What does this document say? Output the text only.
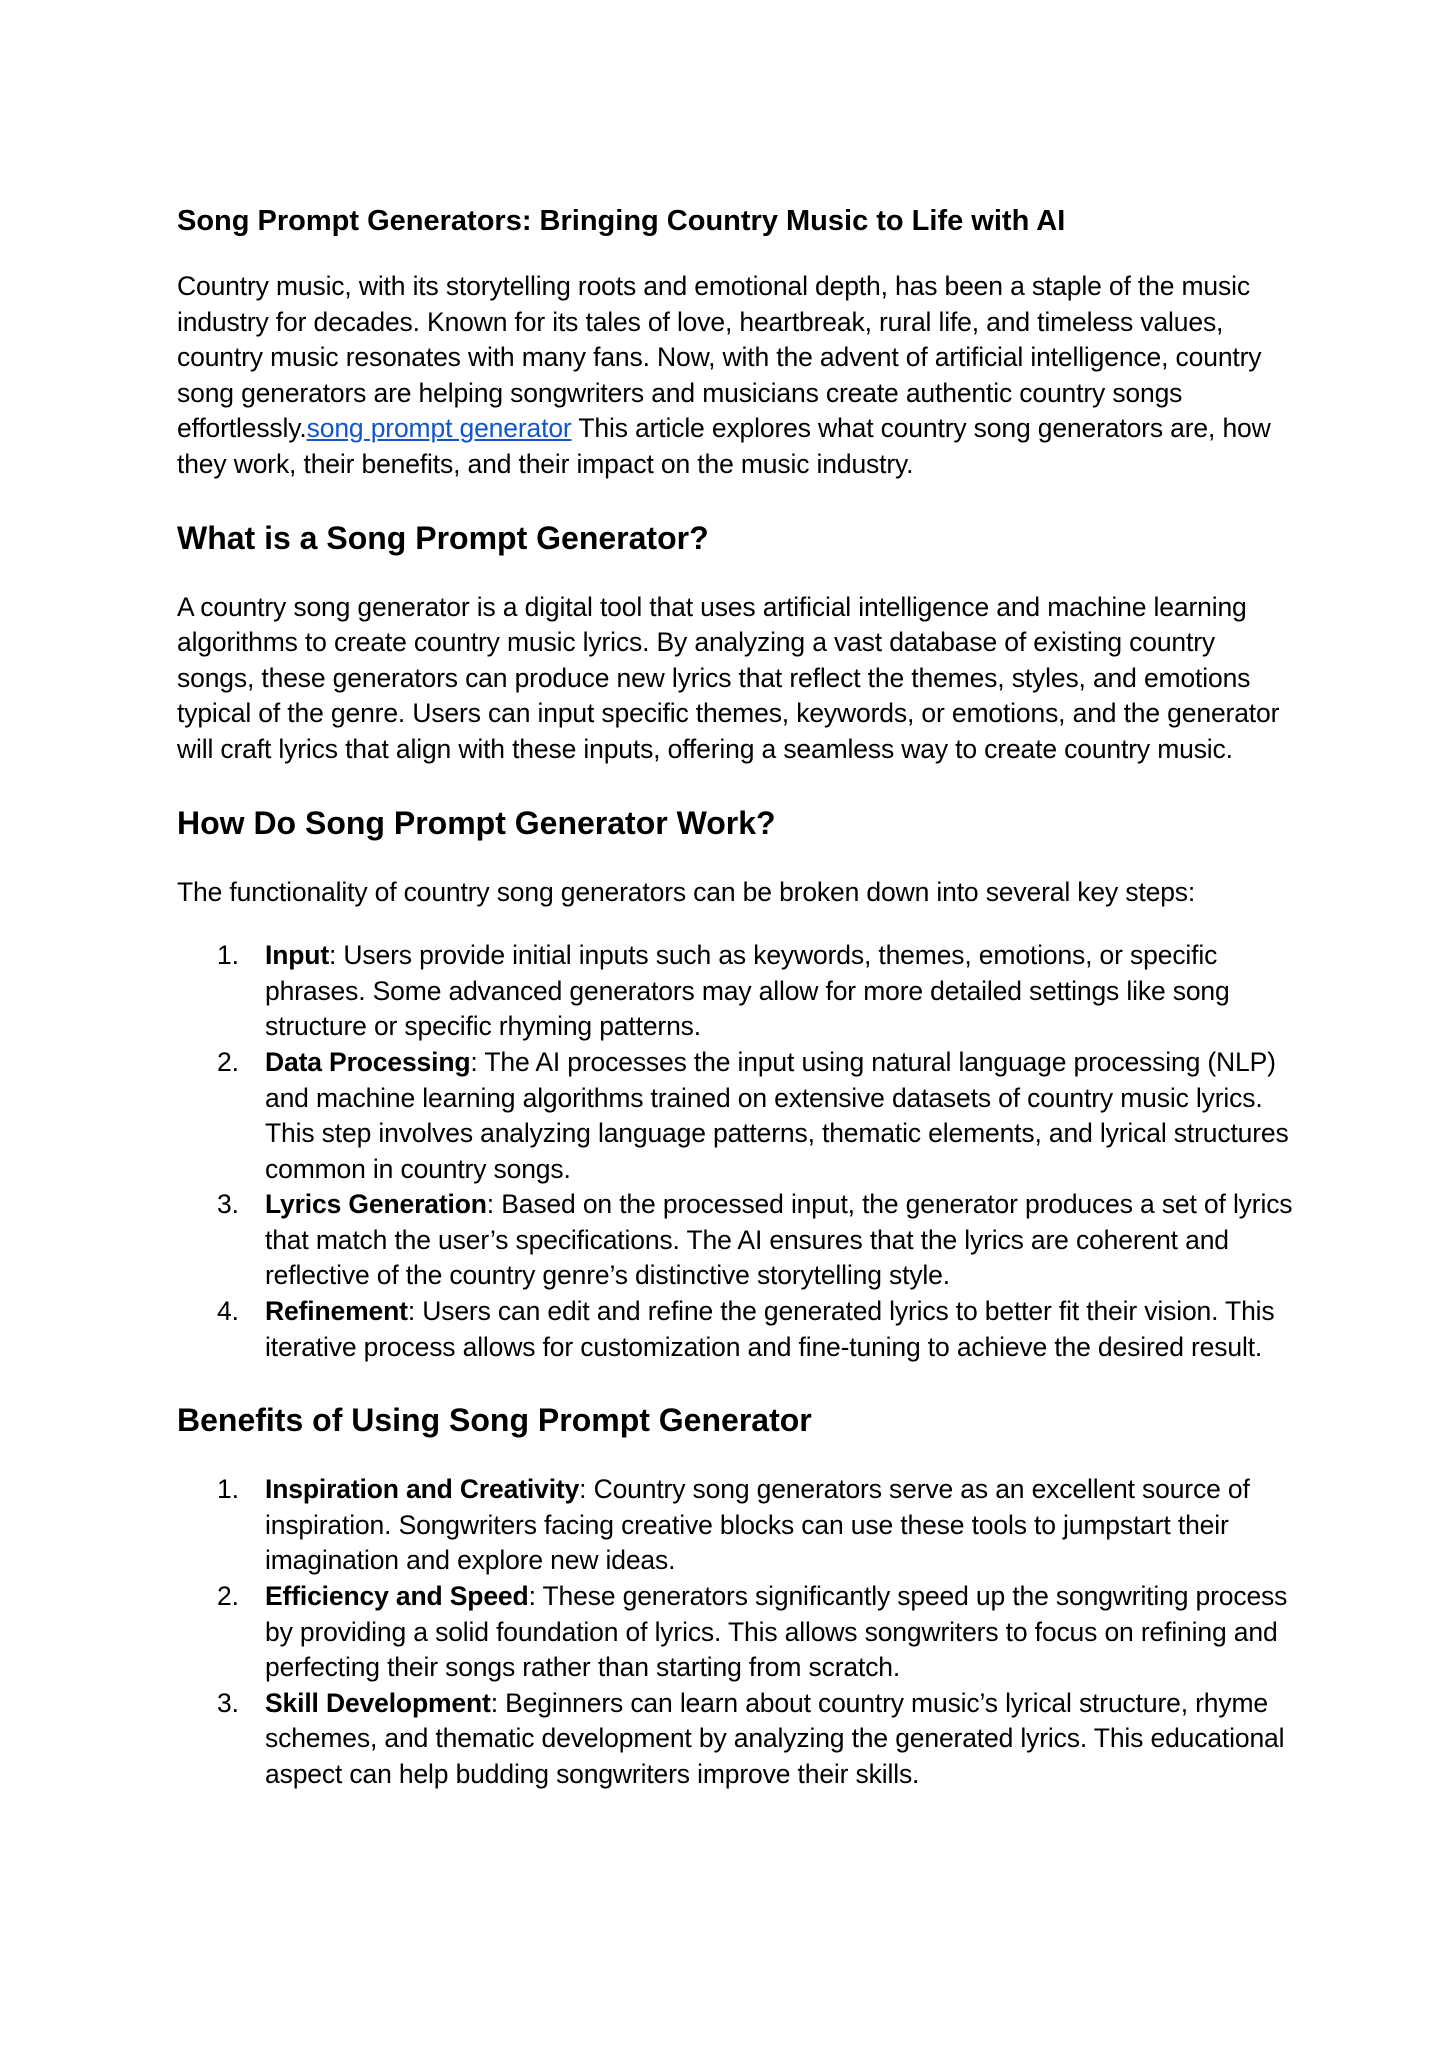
Song Prompt Generators: Bringing Country Music to Life with AI

Country music, with its storytelling roots and emotional depth, has been a staple of the music industry for decades. Known for its tales of love, heartbreak, rural life, and timeless values, country music resonates with many fans. Now, with the advent of artificial intelligence, country song generators are helping songwriters and musicians create authentic country songs effortlessly.song prompt generator This article explores what country song generators are, how they work, their benefits, and their impact on the music industry.

What is a Song Prompt Generator?

A country song generator is a digital tool that uses artificial intelligence and machine learning algorithms to create country music lyrics. By analyzing a vast database of existing country songs, these generators can produce new lyrics that reflect the themes, styles, and emotions typical of the genre. Users can input specific themes, keywords, or emotions, and the generator will craft lyrics that align with these inputs, offering a seamless way to create country music.

How Do Song Prompt Generator Work?

The functionality of country song generators can be broken down into several key steps:

1. Input: Users provide initial inputs such as keywords, themes, emotions, or specific phrases. Some advanced generators may allow for more detailed settings like song structure or specific rhyming patterns.
2. Data Processing: The AI processes the input using natural language processing (NLP) and machine learning algorithms trained on extensive datasets of country music lyrics. This step involves analyzing language patterns, thematic elements, and lyrical structures common in country songs.
3. Lyrics Generation: Based on the processed input, the generator produces a set of lyrics that match the user’s specifications. The AI ensures that the lyrics are coherent and reflective of the country genre’s distinctive storytelling style.
4. Refinement: Users can edit and refine the generated lyrics to better fit their vision. This iterative process allows for customization and fine-tuning to achieve the desired result.
Benefits of Using Song Prompt Generator
1. Inspiration and Creativity: Country song generators serve as an excellent source of inspiration. Songwriters facing creative blocks can use these tools to jumpstart their imagination and explore new ideas.
2. Efficiency and Speed: These generators significantly speed up the songwriting process by providing a solid foundation of lyrics. This allows songwriters to focus on refining and perfecting their songs rather than starting from scratch.
3. Skill Development: Beginners can learn about country music’s lyrical structure, rhyme schemes, and thematic development by analyzing the generated lyrics. This educational aspect can help budding songwriters improve their skills.
